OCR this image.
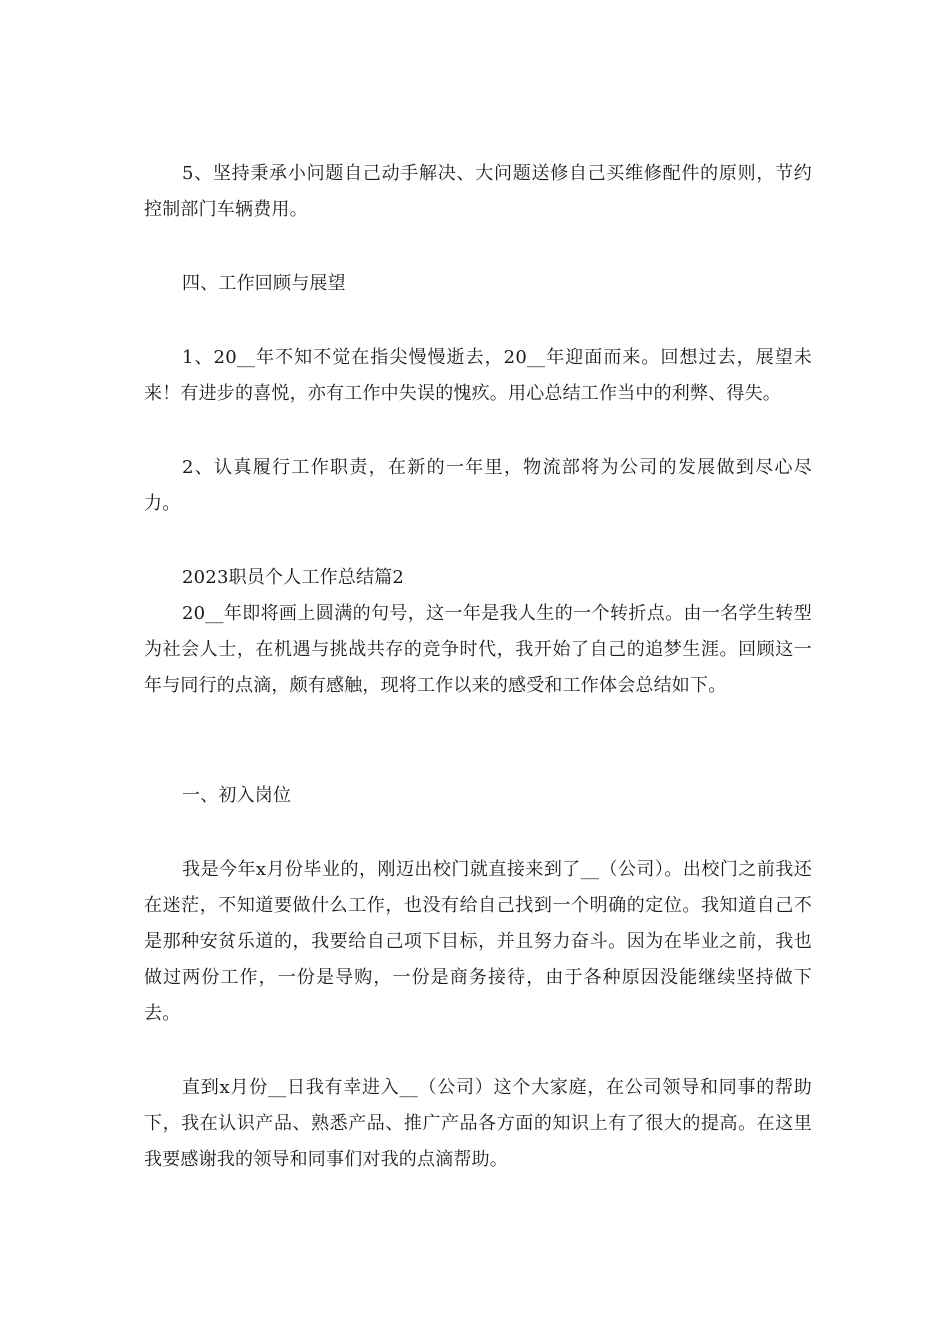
5、坚持秉承小问题自己动手解决、大问题送修自己买维修配件的原则，节约控制部门车辆费用。

四、工作回顾与展望

1、20__年不知不觉在指尖慢慢逝去，20__年迎面而来。回想过去，展望未来！有进步的喜悦，亦有工作中失误的愧疚。用心总结工作当中的利弊、得失。

2、认真履行工作职责，在新的一年里，物流部将为公司的发展做到尽心尽力。

2023职员个人工作总结篇2

20__年即将画上圆满的句号，这一年是我人生的一个转折点。由一名学生转型为社会人士，在机遇与挑战共存的竞争时代，我开始了自己的追梦生涯。回顾这一年与同行的点滴，颇有感触，现将工作以来的感受和工作体会总结如下。

一、初入岗位

我是今年x月份毕业的，刚迈出校门就直接来到了__（公司）。出校门之前我还在迷茫，不知道要做什么工作，也没有给自己找到一个明确的定位。我知道自己不是那种安贫乐道的，我要给自己项下目标，并且努力奋斗。因为在毕业之前，我也做过两份工作，一份是导购，一份是商务接待，由于各种原因没能继续坚持做下去。

直到x月份__日我有幸进入__（公司）这个大家庭，在公司领导和同事的帮助下，我在认识产品、熟悉产品、推广产品各方面的知识上有了很大的提高。在这里我要感谢我的领导和同事们对我的点滴帮助。
